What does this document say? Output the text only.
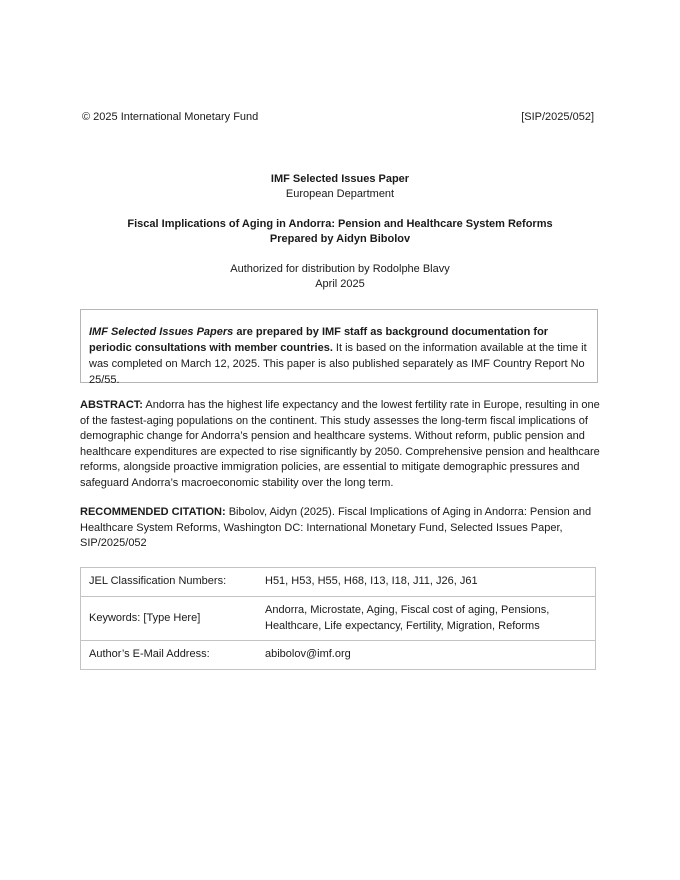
© 2025 International Monetary Fund	[SIP/2025/052]
IMF Selected Issues Paper
European Department
Fiscal Implications of Aging in Andorra: Pension and Healthcare System Reforms
Prepared by Aidyn Bibolov
Authorized for distribution by Rodolphe Blavy
April 2025
IMF Selected Issues Papers are prepared by IMF staff as background documentation for periodic consultations with member countries. It is based on the information available at the time it was completed on March 12, 2025. This paper is also published separately as IMF Country Report No 25/55.
ABSTRACT: Andorra has the highest life expectancy and the lowest fertility rate in Europe, resulting in one of the fastest-aging populations on the continent. This study assesses the long-term fiscal implications of demographic change for Andorra’s pension and healthcare systems. Without reform, public pension and healthcare expenditures are expected to rise significantly by 2050. Comprehensive pension and healthcare reforms, alongside proactive immigration policies, are essential to mitigate demographic pressures and safeguard Andorra’s macroeconomic stability over the long term.
RECOMMENDED CITATION: Bibolov, Aidyn (2025). Fiscal Implications of Aging in Andorra: Pension and Healthcare System Reforms, Washington DC: International Monetary Fund, Selected Issues Paper, SIP/2025/052
JEL Classification Numbers:	H51, H53, H55, H68, I13, I18, J11, J26, J61
Keywords: [Type Here]	Andorra, Microstate, Aging, Fiscal cost of aging, Pensions, Healthcare, Life expectancy, Fertility, Migration, Reforms
Author’s E-Mail Address:	abibolov@imf.org
